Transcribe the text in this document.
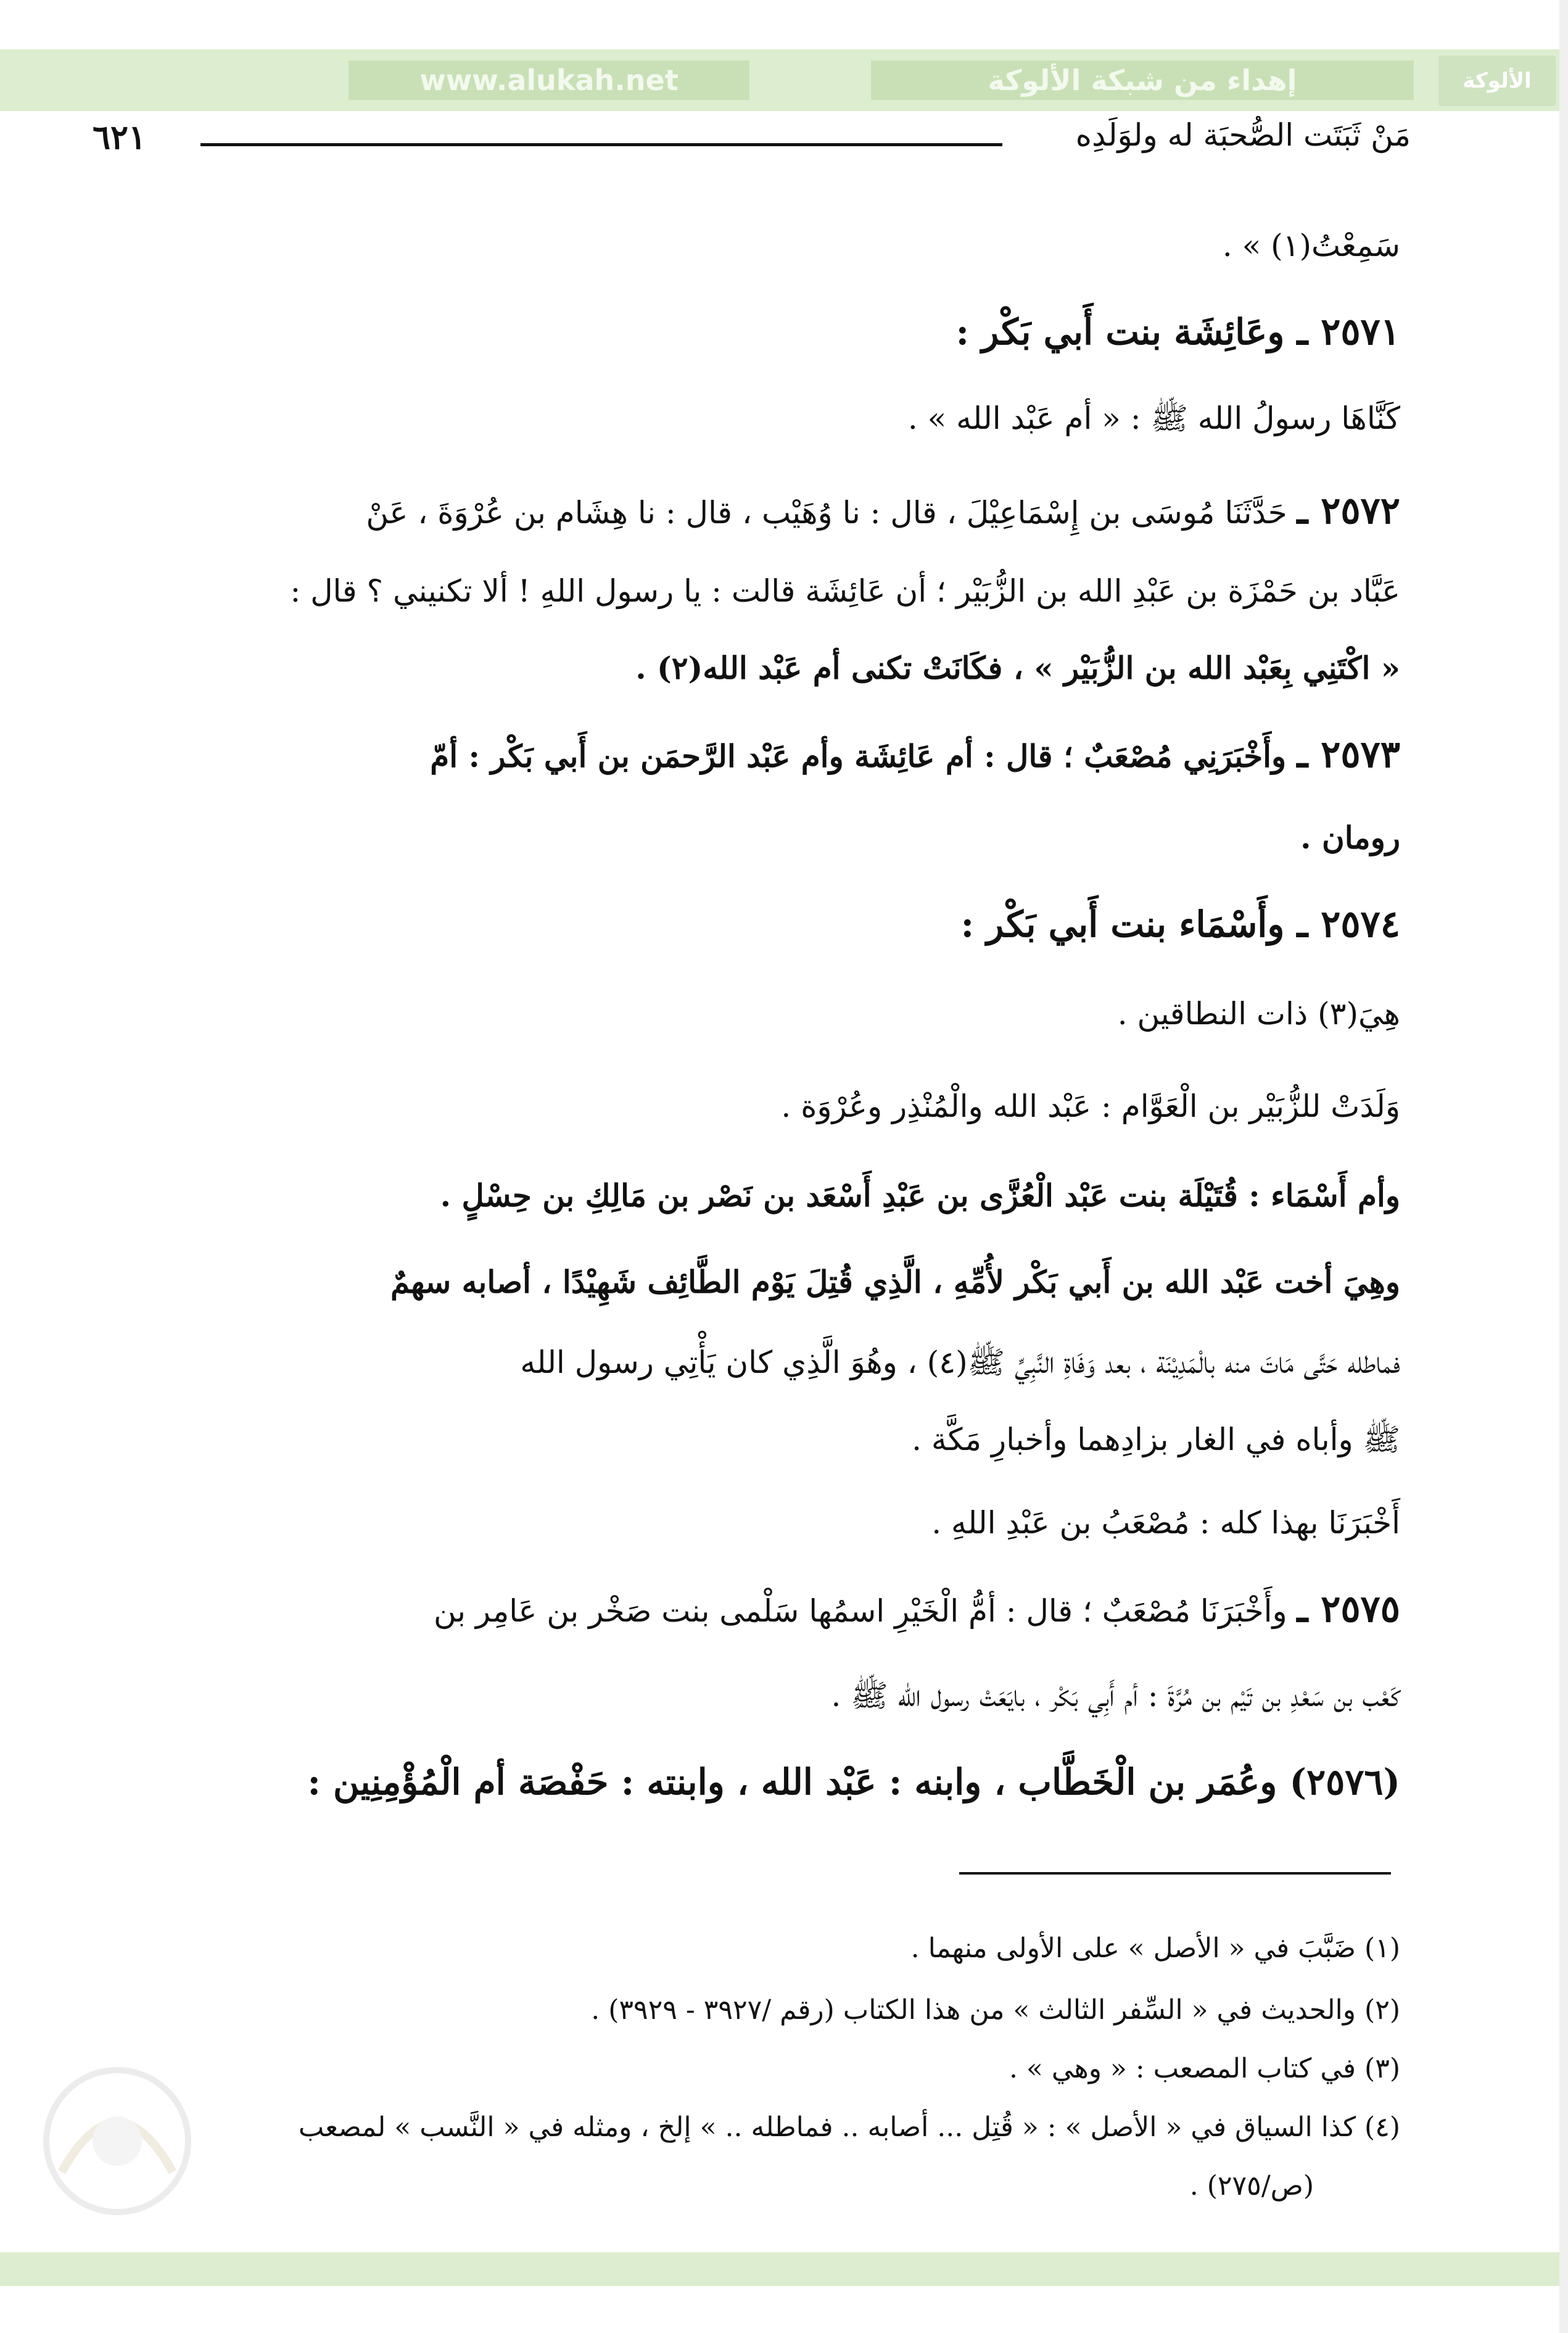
الألوكة
إهداء من شبكة الألوكة
www.alukah.net
مَنْ ثَبَتَت الصُّحبَة له ولوَلَدِه
٦٢١
سَمِعْتُ(١) » .
٢٥٧١ ـ وعَائِشَة بنت أَبي بَكْر :
كَنَّاهَا رسولُ الله ﷺ : « أم عَبْد الله » .
٢٥٧٢ ـ حَدَّثَنَا مُوسَى بن إِسْمَاعِيْلَ ، قال : نا وُهَيْب ، قال : نا هِشَام بن عُرْوَةَ ، عَنْ
عَبَّاد بن حَمْزَة بن عَبْدِ الله بن الزُّبَيْر ؛ أن عَائِشَة قالت : يا رسول اللهِ ! ألا تكنيني ؟ قال :
« اكْتَنِي بِعَبْد الله بن الزُّبَيْر » ، فكَانَتْ تكنى أم عَبْد الله(٢) .
٢٥٧٣ ـ وأَخْبَرَنِي مُصْعَبٌ ؛ قال : أم عَائِشَة وأم عَبْد الرَّحمَن بن أَبي بَكْر : أمّ
رومان .
٢٥٧٤ ـ وأَسْمَاء بنت أَبي بَكْر :
هِيَ(٣) ذات النطاقين .
وَلَدَتْ للزُّبَيْر بن الْعَوَّام : عَبْد الله والْمُنْذِر وعُرْوَة .
وأم أَسْمَاء : قُتَيْلَة بنت عَبْد الْعُزَّى بن عَبْدِ أَسْعَد بن نَصْر بن مَالِكِ بن حِسْلٍ .
وهِيَ أخت عَبْد الله بن أَبي بَكْر لأُمِّهِ ، الَّذِي قُتِلَ يَوْم الطَّائِف شَهِيْدًا ، أصابه سهمٌ
فماطله حَتَّى مَاتَ منه بالْمَدِيْنَة ، بعد وَفَاةِ النَّبِيِّ ﷺ(٤) ، وهُوَ الَّذِي كان يَأْتِي رسول الله
ﷺ وأباه في الغار بزادِهما وأخبارِ مَكَّة .
أَخْبَرَنَا بهذا كله : مُصْعَبُ بن عَبْدِ اللهِ .
٢٥٧٥ ـ وأَخْبَرَنَا مُصْعَبٌ ؛ قال : أمُّ الْخَيْرِ اسمُها سَلْمى بنت صَخْر بن عَامِر بن
كَعْب بن سَعْدِ بن تَيْم بن مُرَّةَ : أم أَبِي بَكْر ، بايَعَتْ رسول الله ﷺ .
(٢٥٧٦) وعُمَر بن الْخَطَّاب ، وابنه : عَبْد الله ، وابنته : حَفْصَة أم الْمُؤْمِنِين :
(١) ضَبَّبَ في « الأصل » على الأولى منهما .
(٢) والحديث في « السِّفر الثالث » من هذا الكتاب (رقم /٣٩٢٧ - ٣٩٢٩) .
(٣) في كتاب المصعب : « وهي » .
(٤) كذا السياق في « الأصل » : « قُتِل ... أصابه .. فماطله .. » إلخ ، ومثله في « النَّسب » لمصعب
(ص/٢٧٥) .
